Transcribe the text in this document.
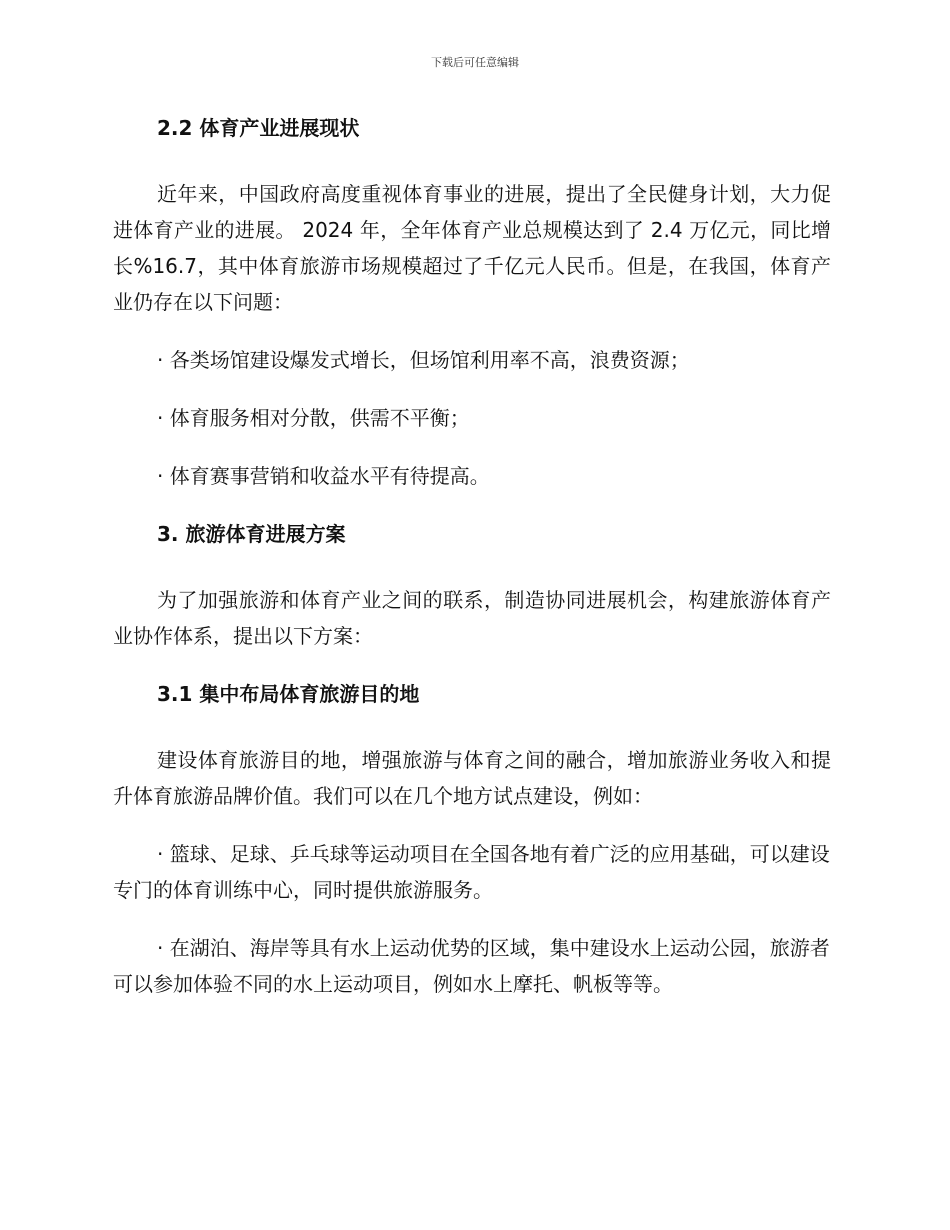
下载后可任意编辑
2.2 体育产业进展现状
近年来，中国政府高度重视体育事业的进展，提出了全民健身计划，大力促进体育产业的进展。 2024 年，全年体育产业总规模达到了 2.4 万亿元，同比增长%16.7，其中体育旅游市场规模超过了千亿元人民币。但是，在我国，体育产业仍存在以下问题：
· 各类场馆建设爆发式增长，但场馆利用率不高，浪费资源；
· 体育服务相对分散，供需不平衡；
· 体育赛事营销和收益水平有待提高。
3. 旅游体育进展方案
为了加强旅游和体育产业之间的联系，制造协同进展机会，构建旅游体育产业协作体系，提出以下方案：
3.1 集中布局体育旅游目的地
建设体育旅游目的地，增强旅游与体育之间的融合，增加旅游业务收入和提升体育旅游品牌价值。我们可以在几个地方试点建设，例如：
· 篮球、足球、乒乓球等运动项目在全国各地有着广泛的应用基础，可以建设专门的体育训练中心，同时提供旅游服务。
· 在湖泊、海岸等具有水上运动优势的区域，集中建设水上运动公园，旅游者可以参加体验不同的水上运动项目，例如水上摩托、帆板等等。
